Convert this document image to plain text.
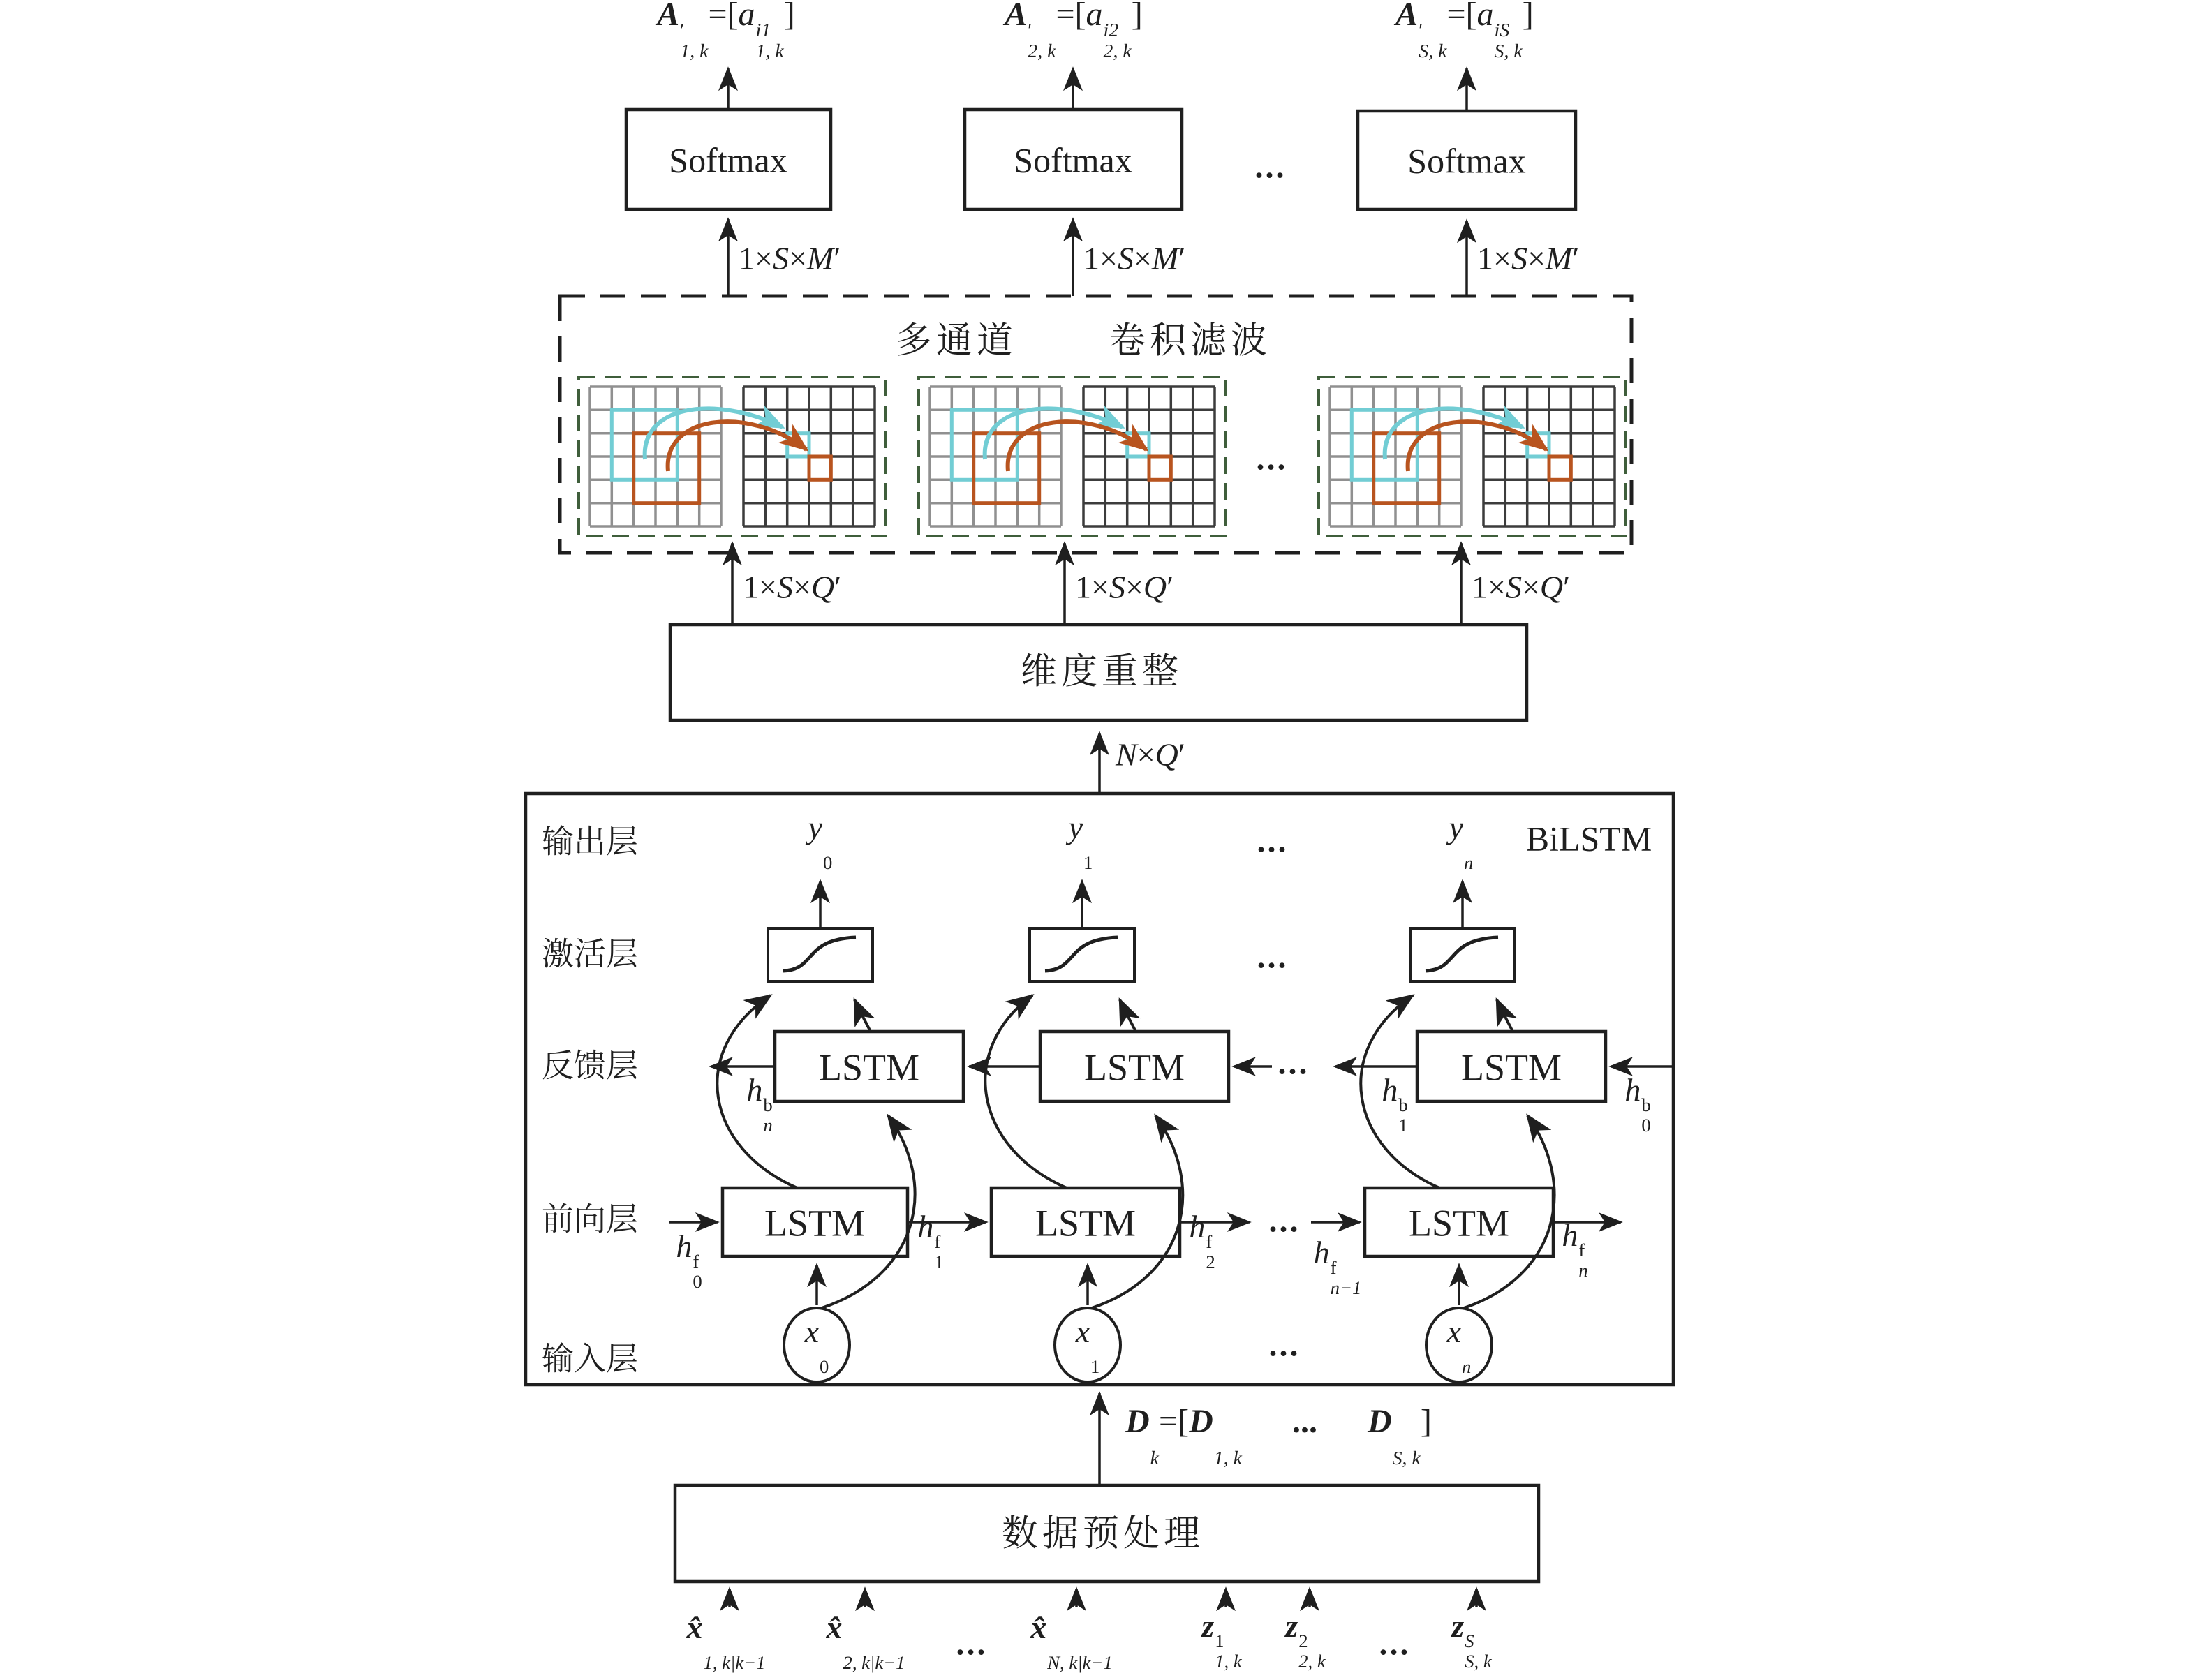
A ′
1, k
=[a i1
1, k
]	A ′
2, k
=[a i2
2, k
]	A ′
S, k
=[a iS
S, k
]
Softmax	Softmax	Softmax
...
1×S×M′	1×S×M′	1×S×M′
多通道	卷积滤波
...
1×S×Q′	1×S×Q′	1×S×Q′
维度重整
N×Q′
BiLSTM
输出层
激活层
反馈层
前向层
输入层
y

0
y

1
...	y

n
...
LSTM	LSTM	LSTM
...
h b
n
h b
1
h b
0
LSTM	LSTM	LSTM
...
h f
0
h f
1
h f
2	h f
n−1
h f
n
x

0
x

1
...	x

n
D

k
=[D

1, k
... D

S, k
]
数据预处理
x̂

1, k|k−1
x̂

2, k|k−1
... x̂

N, k|k−1
z 1
1, k
z 2
2, k ... z S
S, k
